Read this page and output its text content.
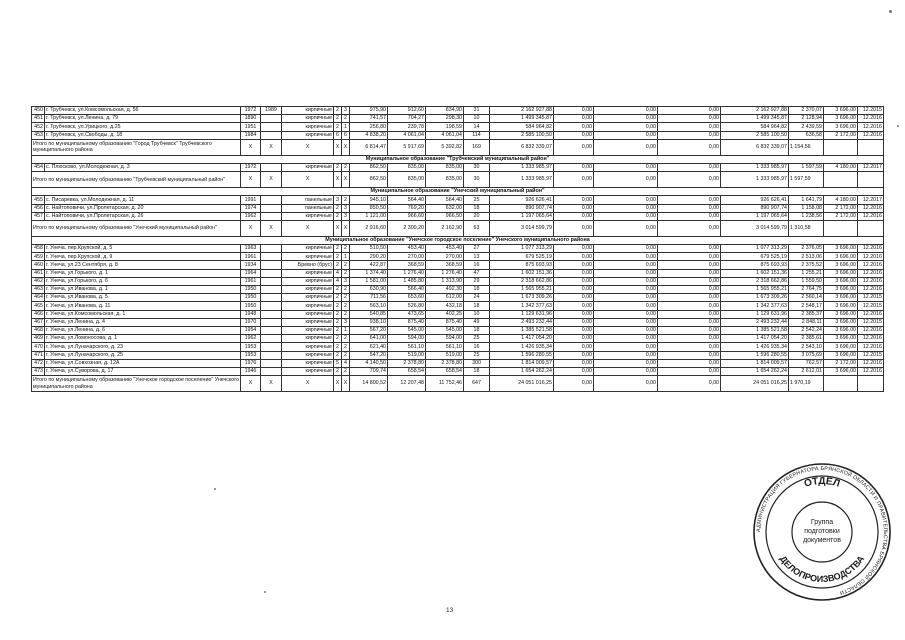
450	г. Трубчевск, ул.Комсомольская, д. 56	1972	1989	кирпичные	2	3	975,90	912,60	834,90	31	2 162 927,88	0,00	0,00	0,00	2 162 927,88	2 370,07	3 696,00	12.2015
451	г. Трубчевск, ул.Ленина, д. 79	1890		кирпичные	2	2	741,57	704,27	298,30	10	1 499 345,87	0,00	0,00	0,00	1 499 345,87	2 128,94	3 696,00	12.2016
452	г. Трубчевск, ул.Урицкого, д.25	1951		кирпичные	2	1	256,80	239,78	198,59	14	584 964,82	0,00	0,00	0,00	584 964,82	2 439,59	3 696,00	12.2016
453	г. Трубчевск, ул.Свободы, д. 18	1984		кирпичные	6	6	4 838,20	4 061,04	4 061,04	114	2 585 100,50	0,00	0,00	0,00	2 585 100,50	636,58	2 172,00	12.2016
Итого по муниципальному образованию "Город Трубчевск" Трубчевского муниципального района		X	X	X	X	X	6 814,47	5 917,69	5 392,82	169	6 832 339,07	0,00	0,00	0,00	6 832 339,07	1 154,56		
Муниципальное образование "Трубчевский муниципальный район"																		
454	с. Плюсково, ул.Молодежная, д. 3	1972		кирпичные	2	2	862,50	835,00	835,00	30	1 333 985,97	0,00	0,00	0,00	1 333 985,97	1 597,59	4 180,00	12.2017
Итого по муниципальному образованию "Трубчевский муниципальный район"		X	X	X	X	X	862,50	835,00	835,00	30	1 333 985,97	0,00	0,00	0,00	1 333 985,97	1 597,59		
Муниципальное образование "Унечский муниципальный район"																		
455	с. Писаревка, ул.Молодежная, д. 11	1991		панельные	3	2	945,10	564,40	564,40	25	926 626,41	0,00	0,00	0,00	926 626,41	1 641,79	4 180,00	12.2017
456	с. Найтоповичи, ул.Пролетарская, д. 20	1974		панельные	2	3	850,50	769,20	632,00	18	890 907,74	0,00	0,00	0,00	890 907,74	1 158,08	2 172,00	12.2016
457	с. Найтоповичи, ул.Пролетарская, д. 26	1962		кирпичные	2	3	1 121,00	966,60	966,50	20	1 197 065,64	0,00	0,00	0,00	1 197 065,64	1 238,56	2 172,00	12.2016
Итого по муниципальному образованию "Унечский муниципальный район"		X	X	X	X	X	2 916,60	2 300,20	2 162,90	63	3 014 599,79	0,00	0,00	0,00	3 014 599,79	1 310,58		
Муниципальное образование "Унечское городское поселение" Унечского муниципального района																		
458	г. Унеча, пер.Крупской, д. 5	1963		кирпичные	2	2	510,50	453,40	453,40	27	1 077 313,29	0,00	0,00	0,00	1 077 313,29	2 376,05	3 696,00	12.2016
459	г. Унеча, пер.Крупской, д. 9	1961		кирпичные	2	1	290,20	270,00	270,00	13	679 525,19	0,00	0,00	0,00	679 525,19	2 513,06	3 696,00	12.2016
460	г. Унеча, ул.23 Сентября, д. 8	1934		Бревно (брус)	2	2	422,87	368,59	368,59	16	875 693,93	0,00	0,00	0,00	875 693,93	2 375,52	3 696,00	12.2016
461	г. Унеча, ул.Горького, д. 1	1964		кирпичные	4	2	1 374,40	1 276,40	1 276,40	47	1 602 151,36	0,00	0,00	0,00	1 602 151,36	1 255,21	3 696,00	12.2016
462	г. Унеча, ул.Горького, д. 6	1961		кирпичные	4	3	1 581,00	1 485,80	1 313,90	29	2 318 662,86	0,00	0,00	0,00	2 318 662,86	1 559,50	3 696,00	12.2016
463	г. Унеча, ул.Иванова, д. 1	1950		кирпичные	2	2	630,90	566,40	492,30	18	1 565 955,21	0,00	0,00	0,00	1 565 955,21	2 764,75	3 696,00	12.2016
464	г. Унеча, ул.Иванова, д. 5	1950		кирпичные	2	2	711,56	653,60	612,00	24	1 673 309,26	0,00	0,00	0,00	1 673 309,26	2 560,14	3 696,00	12.2015
465	г. Унеча, ул.Иванова, д. 11	1950		кирпичные	2	2	563,10	526,80	432,18	18	1 342 377,63	0,00	0,00	0,00	1 342 377,63	2 548,17	3 696,00	12.2015
466	г. Унеча, ул.Комсомольская, д. 1	1948		кирпичные	2	2	540,85	473,65	402,25	10	1 129 631,96	0,00	0,00	0,00	1 129 631,96	2 385,37	3 696,00	12.2016
467	г. Унеча, ул.Ленина, д. 4	1970		кирпичные	2	3	938,10	875,40	875,40	49	2 493 232,44	0,00	0,00	0,00	2 493 232,44	2 848,11	3 696,00	12.2015
468	г. Унеча, ул.Ленина, д. 6	1954		кирпичные	2	1	567,20	545,00	545,00	18	1 385 521,58	0,00	0,00	0,00	1 385 521,58	2 542,24	3 696,00	12.2016
469	г. Унеча, ул.Ломоносова, д. 1	1962		кирпичные	2	2	641,00	594,00	594,00	25	1 417 054,20	0,00	0,00	0,00	1 417 054,20	2 385,61	3 696,00	12.2016
470	г. Унеча, ул.Луначарского, д. 23	1953		кирпичные	2	2	621,40	561,10	561,10	16	1 426 935,34	0,00	0,00	0,00	1 426 935,34	2 543,10	3 696,00	12.2016
471	г. Унеча, ул.Луначарского, д. 25	1953		кирпичные	2	2	547,20	519,00	519,00	25	1 596 280,55	0,00	0,00	0,00	1 596 280,55	3 075,69	3 696,00	12.2015
472	г. Унеча, ул.Совхозная, д. 12А	1976		кирпичные	5	4	4 140,50	2 378,80	2 378,80	300	1 814 009,57	0,00	0,00	0,00	1 814 009,57	762,57	2 172,00	12.2016
473	г. Унеча, ул.Суворова, д. 17	1946		кирпичные	2	2	709,74	658,54	658,54	18	1 654 262,24	0,00	0,00	0,00	1 654 262,24	2 612,01	3 696,00	12.2016
Итого по муниципальному образованию "Унечское городское поселение" Унечского муниципального района		X	X	X	X	X	14 800,52	12 207,48	11 752,46	647	24 051 016,25	0,00	0,00	0,00	24 051 016,25	1 970,19		
АДМИНИСТРАЦИЯ ГУБЕРНАТОРА БРЯНСКОЙ ОБЛАСТИ И ПРАВИТЕЛЬСТВА БРЯНСКОЙ ОБЛАСТИ
ОТДЕЛ
ДЕЛОПРОИЗВОДСТВА
Группа
подготовки
документов
13
